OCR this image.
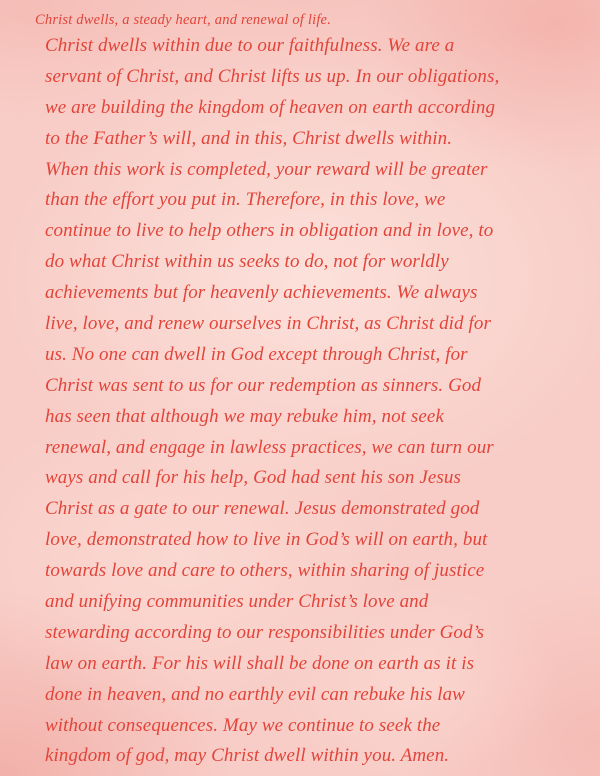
Christ dwells, a steady heart, and renewal of life.
Christ dwells within due to our faithfulness. We are a
servant of Christ, and Christ lifts us up. In our obligations,
we are building the kingdom of heaven on earth according
to the Father’s will, and in this, Christ dwells within.
When this work is completed, your reward will be greater
than the effort you put in. Therefore, in this love, we
continue to live to help others in obligation and in love, to
do what Christ within us seeks to do, not for worldly
achievements but for heavenly achievements. We always
live, love, and renew ourselves in Christ, as Christ did for
us. No one can dwell in God except through Christ, for
Christ was sent to us for our redemption as sinners. God
has seen that although we may rebuke him, not seek
renewal, and engage in lawless practices, we can turn our
ways and call for his help, God had sent his son Jesus
Christ as a gate to our renewal. Jesus demonstrated god
love, demonstrated how to live in God’s will on earth, but
towards love and care to others, within sharing of justice
and unifying communities under Christ’s love and
stewarding according to our responsibilities under God’s
law on earth. For his will shall be done on earth as it is
done in heaven, and no earthly evil can rebuke his law
without consequences. May we continue to seek the
kingdom of god, may Christ dwell within you. Amen.
